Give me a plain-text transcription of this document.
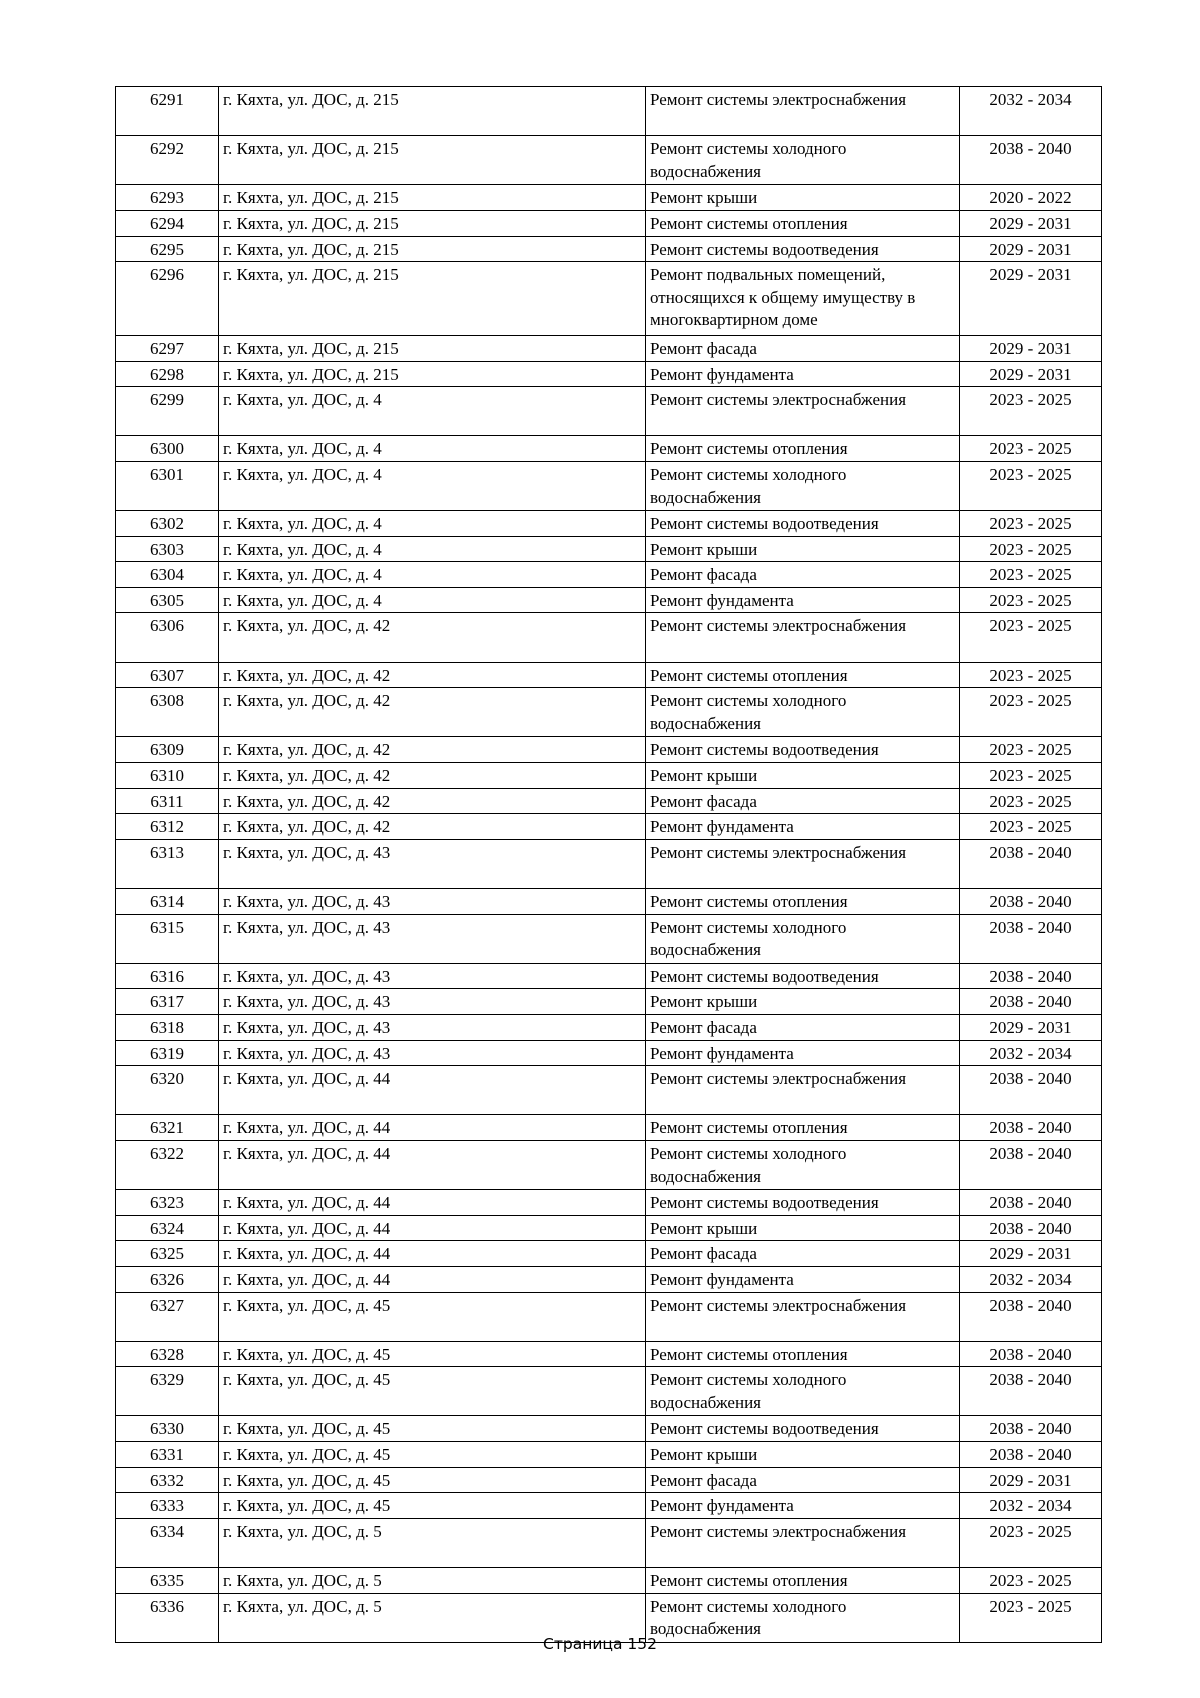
6291	г. Кяхта, ул. ДОС, д. 215	Ремонт системы электроснабжения	2032 - 2034
6292	г. Кяхта, ул. ДОС, д. 215	Ремонт системы холодного водоснабжения	2038 - 2040
6293	г. Кяхта, ул. ДОС, д. 215	Ремонт крыши	2020 - 2022
6294	г. Кяхта, ул. ДОС, д. 215	Ремонт системы отопления	2029 - 2031
6295	г. Кяхта, ул. ДОС, д. 215	Ремонт системы водоотведения	2029 - 2031
6296	г. Кяхта, ул. ДОС, д. 215	Ремонт подвальных помещений, относящихся к общему имуществу в многоквартирном доме	2029 - 2031
6297	г. Кяхта, ул. ДОС, д. 215	Ремонт фасада	2029 - 2031
6298	г. Кяхта, ул. ДОС, д. 215	Ремонт фундамента	2029 - 2031
6299	г. Кяхта, ул. ДОС, д. 4	Ремонт системы электроснабжения	2023 - 2025
6300	г. Кяхта, ул. ДОС, д. 4	Ремонт системы отопления	2023 - 2025
6301	г. Кяхта, ул. ДОС, д. 4	Ремонт системы холодного водоснабжения	2023 - 2025
6302	г. Кяхта, ул. ДОС, д. 4	Ремонт системы водоотведения	2023 - 2025
6303	г. Кяхта, ул. ДОС, д. 4	Ремонт крыши	2023 - 2025
6304	г. Кяхта, ул. ДОС, д. 4	Ремонт фасада	2023 - 2025
6305	г. Кяхта, ул. ДОС, д. 4	Ремонт фундамента	2023 - 2025
6306	г. Кяхта, ул. ДОС, д. 42	Ремонт системы электроснабжения	2023 - 2025
6307	г. Кяхта, ул. ДОС, д. 42	Ремонт системы отопления	2023 - 2025
6308	г. Кяхта, ул. ДОС, д. 42	Ремонт системы холодного водоснабжения	2023 - 2025
6309	г. Кяхта, ул. ДОС, д. 42	Ремонт системы водоотведения	2023 - 2025
6310	г. Кяхта, ул. ДОС, д. 42	Ремонт крыши	2023 - 2025
6311	г. Кяхта, ул. ДОС, д. 42	Ремонт фасада	2023 - 2025
6312	г. Кяхта, ул. ДОС, д. 42	Ремонт фундамента	2023 - 2025
6313	г. Кяхта, ул. ДОС, д. 43	Ремонт системы электроснабжения	2038 - 2040
6314	г. Кяхта, ул. ДОС, д. 43	Ремонт системы отопления	2038 - 2040
6315	г. Кяхта, ул. ДОС, д. 43	Ремонт системы холодного водоснабжения	2038 - 2040
6316	г. Кяхта, ул. ДОС, д. 43	Ремонт системы водоотведения	2038 - 2040
6317	г. Кяхта, ул. ДОС, д. 43	Ремонт крыши	2038 - 2040
6318	г. Кяхта, ул. ДОС, д. 43	Ремонт фасада	2029 - 2031
6319	г. Кяхта, ул. ДОС, д. 43	Ремонт фундамента	2032 - 2034
6320	г. Кяхта, ул. ДОС, д. 44	Ремонт системы электроснабжения	2038 - 2040
6321	г. Кяхта, ул. ДОС, д. 44	Ремонт системы отопления	2038 - 2040
6322	г. Кяхта, ул. ДОС, д. 44	Ремонт системы холодного водоснабжения	2038 - 2040
6323	г. Кяхта, ул. ДОС, д. 44	Ремонт системы водоотведения	2038 - 2040
6324	г. Кяхта, ул. ДОС, д. 44	Ремонт крыши	2038 - 2040
6325	г. Кяхта, ул. ДОС, д. 44	Ремонт фасада	2029 - 2031
6326	г. Кяхта, ул. ДОС, д. 44	Ремонт фундамента	2032 - 2034
6327	г. Кяхта, ул. ДОС, д. 45	Ремонт системы электроснабжения	2038 - 2040
6328	г. Кяхта, ул. ДОС, д. 45	Ремонт системы отопления	2038 - 2040
6329	г. Кяхта, ул. ДОС, д. 45	Ремонт системы холодного водоснабжения	2038 - 2040
6330	г. Кяхта, ул. ДОС, д. 45	Ремонт системы водоотведения	2038 - 2040
6331	г. Кяхта, ул. ДОС, д. 45	Ремонт крыши	2038 - 2040
6332	г. Кяхта, ул. ДОС, д. 45	Ремонт фасада	2029 - 2031
6333	г. Кяхта, ул. ДОС, д. 45	Ремонт фундамента	2032 - 2034
6334	г. Кяхта, ул. ДОС, д. 5	Ремонт системы электроснабжения	2023 - 2025
6335	г. Кяхта, ул. ДОС, д. 5	Ремонт системы отопления	2023 - 2025
6336	г. Кяхта, ул. ДОС, д. 5	Ремонт системы холодного водоснабжения	2023 - 2025
Страница 152
